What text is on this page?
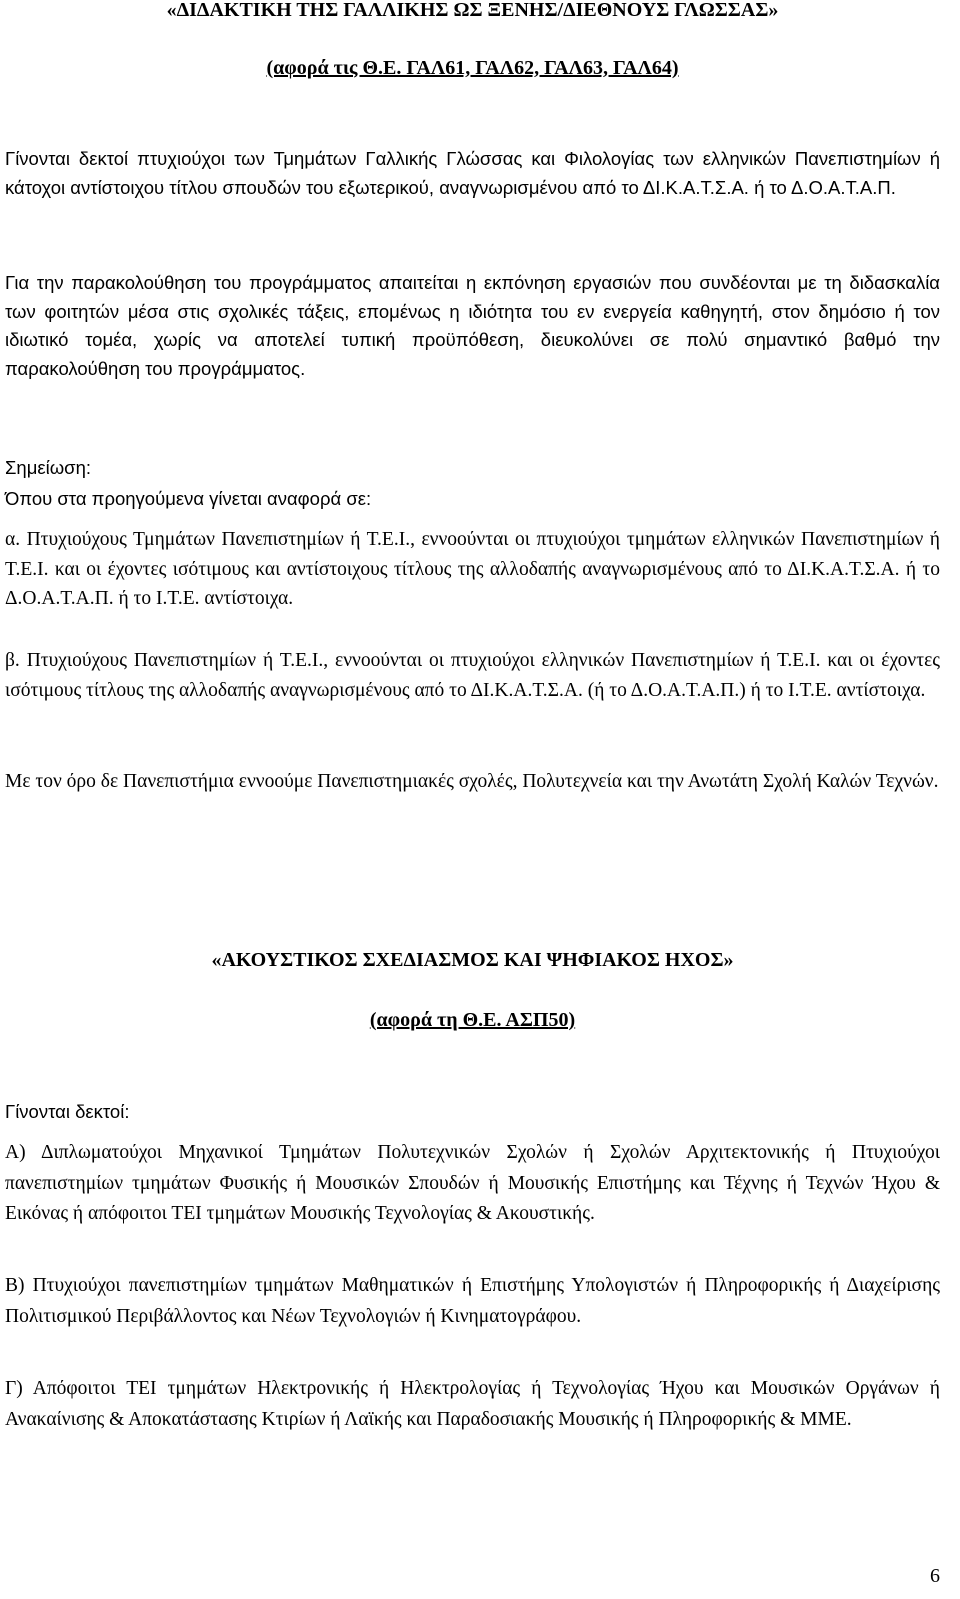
«ΔΙΔΑΚΤΙΚΗ ΤΗΣ ΓΑΛΛΙΚΗΣ ΩΣ ΞΕΝΗΣ/ΔΙΕΘΝΟΥΣ ΓΛΩΣΣΑΣ»

(αφορά τις Θ.Ε. ΓΑΛ61, ΓΑΛ62, ΓΑΛ63, ΓΑΛ64)

Γίνονται δεκτοί πτυχιούχοι των Τμημάτων Γαλλικής Γλώσσας και Φιλολογίας των ελληνικών Πανεπιστημίων ή κάτοχοι αντίστοιχου τίτλου σπουδών του εξωτερικού, αναγνωρισμένου από το ΔΙ.Κ.Α.Τ.Σ.Α. ή το Δ.Ο.Α.Τ.Α.Π.

Για την παρακολούθηση του προγράμματος απαιτείται η εκπόνηση εργασιών που συνδέονται με τη διδασκαλία των φοιτητών μέσα στις σχολικές τάξεις, επομένως η ιδιότητα του εν ενεργεία καθηγητή, στον δημόσιο ή τον ιδιωτικό τομέα, χωρίς να αποτελεί τυπική προϋπόθεση, διευκολύνει σε πολύ σημαντικό βαθμό την παρακολούθηση του προγράμματος.

Σημείωση:

Όπου στα προηγούμενα γίνεται αναφορά σε:

α. Πτυχιούχους Τμημάτων Πανεπιστημίων ή Τ.Ε.Ι., εννοούνται οι πτυχιούχοι τμημάτων ελληνικών Πανεπιστημίων ή Τ.Ε.Ι. και οι έχοντες ισότιμους και αντίστοιχους τίτλους της αλλοδαπής αναγνωρισμένους από το ΔΙ.Κ.Α.Τ.Σ.Α. ή το Δ.Ο.Α.Τ.Α.Π. ή το Ι.Τ.Ε. αντίστοιχα.

β. Πτυχιούχους Πανεπιστημίων ή Τ.Ε.Ι., εννοούνται οι πτυχιούχοι ελληνικών Πανεπιστημίων ή Τ.Ε.Ι. και οι έχοντες ισότιμους τίτλους της αλλοδαπής αναγνωρισμένους από το ΔΙ.Κ.Α.Τ.Σ.Α. (ή το Δ.Ο.Α.Τ.Α.Π.) ή το Ι.Τ.Ε. αντίστοιχα.

Με τον όρο δε Πανεπιστήμια εννοούμε Πανεπιστημιακές σχολές, Πολυτεχνεία και την Ανωτάτη Σχολή Καλών Τεχνών.

«ΑΚΟΥΣΤΙΚΟΣ ΣΧΕΔΙΑΣΜΟΣ ΚΑΙ ΨΗΦΙΑΚΟΣ ΗΧΟΣ»

(αφορά τη Θ.Ε. ΑΣΠ50)

Γίνονται δεκτοί:

Α) Διπλωματούχοι Μηχανικοί Τμημάτων Πολυτεχνικών Σχολών ή Σχολών Αρχιτεκτονικής ή Πτυχιούχοι πανεπιστημίων τμημάτων Φυσικής ή Μουσικών Σπουδών ή Μουσικής Επιστήμης και Τέχνης ή Τεχνών Ήχου & Εικόνας ή απόφοιτοι ΤΕΙ τμημάτων Μουσικής Τεχνολογίας & Ακουστικής.

Β) Πτυχιούχοι πανεπιστημίων τμημάτων Μαθηματικών ή Επιστήμης Υπολογιστών ή Πληροφορικής ή Διαχείρισης Πολιτισμικού Περιβάλλοντος και Νέων Τεχνολογιών ή Κινηματογράφου.

Γ) Απόφοιτοι ΤΕΙ τμημάτων Ηλεκτρονικής ή Ηλεκτρολογίας ή Τεχνολογίας Ήχου και Μουσικών Οργάνων ή Ανακαίνισης & Αποκατάστασης Κτιρίων ή Λαϊκής και Παραδοσιακής Μουσικής ή Πληροφορικής & ΜΜΕ.

6
